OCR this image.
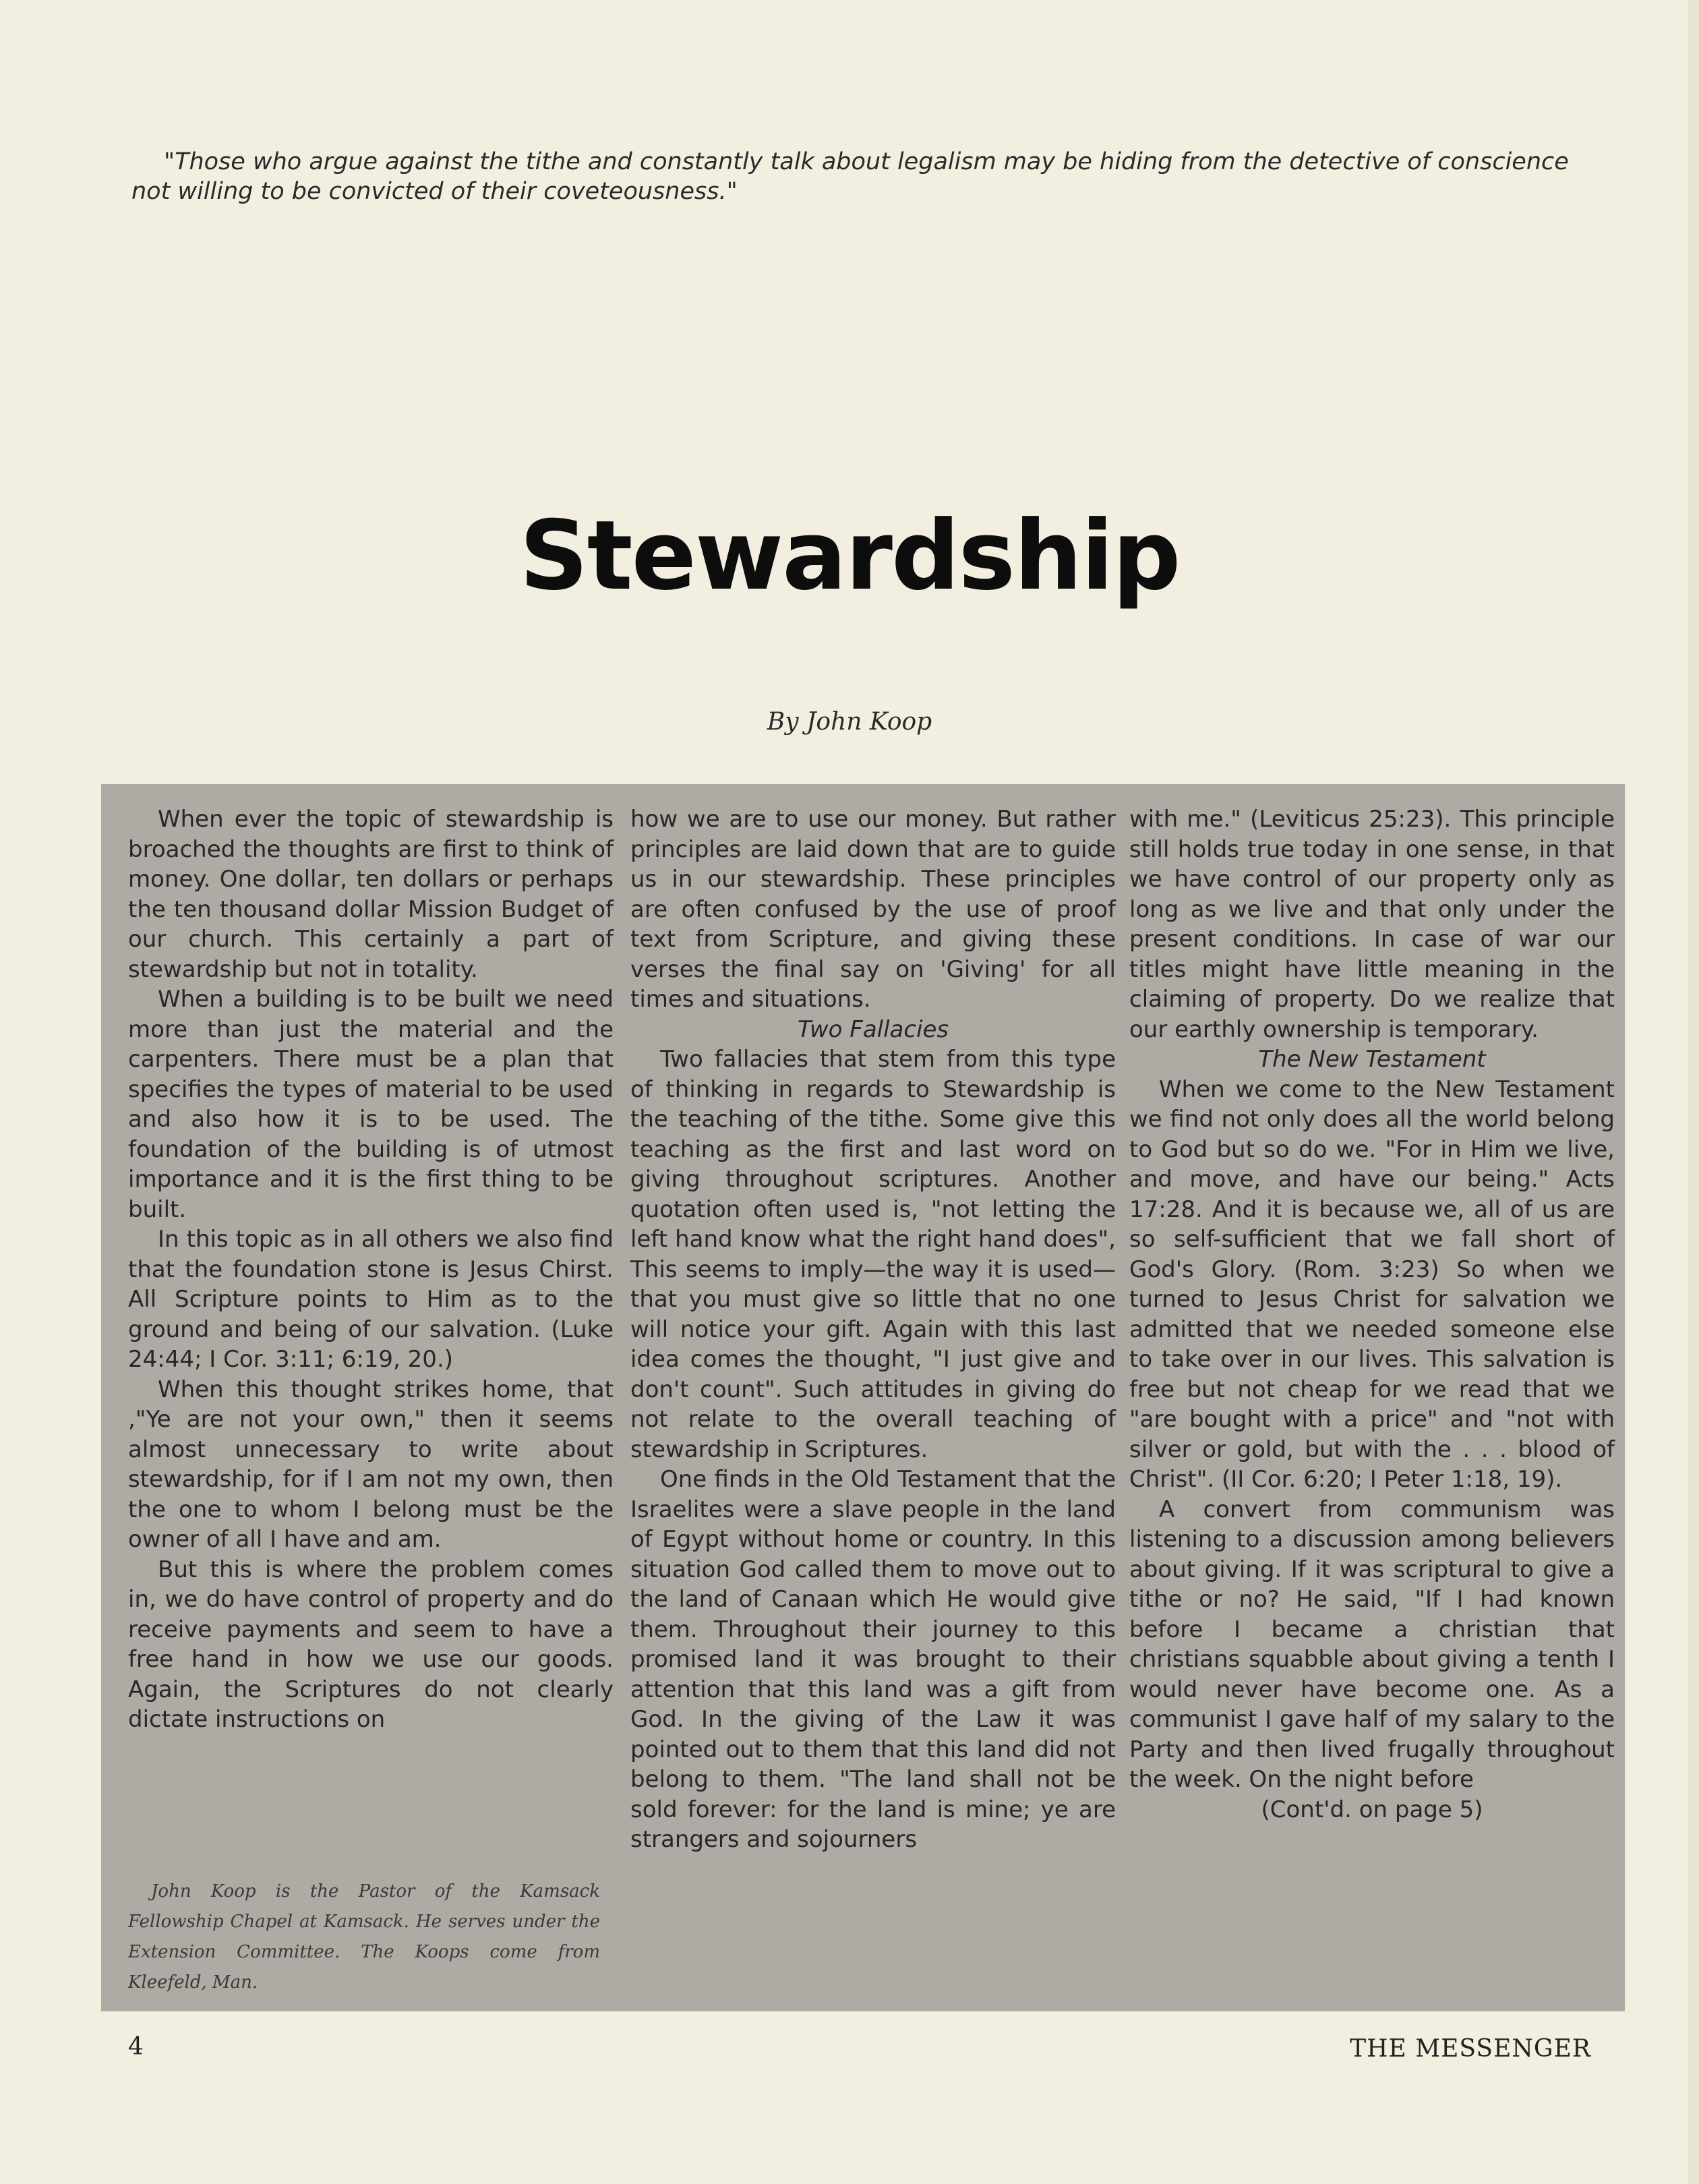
"Those who argue against the tithe and constantly talk about legalism may be hiding from the detective of conscience not willing to be convicted of their coveteousness."
Stewardship
By John Koop

When ever the topic of stewardship is broached the thoughts are first to think of money. One dollar, ten dollars or perhaps the ten thousand dollar Mission Budget of our church. This certainly a part of stewardship but not in totality.

When a building is to be built we need more than just the material and the carpenters. There must be a plan that specifies the types of material to be used and also how it is to be used. The foundation of the building is of utmost importance and it is the first thing to be built.

In this topic as in all others we also find that the foundation stone is Jesus Chirst. All Scripture points to Him as to the ground and being of our salvation. (Luke 24:44; I Cor. 3:11; 6:19, 20.)

When this thought strikes home, that ,"Ye are not your own," then it seems almost unnecessary to write about stewardship, for if I am not my own, then the one to whom I belong must be the owner of all I have and am.

But this is where the problem comes in, we do have control of property and do receive payments and seem to have a free hand in how we use our goods. Again, the Scriptures do not clearly dictate instructions on

John Koop is the Pastor of the Kamsack Fellowship Chapel at Kamsack. He serves under the Extension Committee. The Koops come from Kleefeld, Man.

how we are to use our money. But rather principles are laid down that are to guide us in our stewardship. These principles are often confused by the use of proof text from Scripture, and giving these verses the final say on 'Giving' for all times and situations.

Two Fallacies

Two fallacies that stem from this type of thinking in regards to Stewardship is the teaching of the tithe. Some give this teaching as the first and last word on giving throughout scriptures. Another quotation often used is, "not letting the left hand know what the right hand does", This seems to imply—the way it is used—that you must give so little that no one will notice your gift. Again with this last idea comes the thought, "I just give and don't count". Such attitudes in giving do not relate to the overall teaching of stewardship in Scriptures.

One finds in the Old Testament that the Israelites were a slave people in the land of Egypt without home or country. In this situation God called them to move out to the land of Canaan which He would give them. Throughout their journey to this promised land it was brought to their attention that this land was a gift from God. In the giving of the Law it was pointed out to them that this land did not belong to them. "The land shall not be sold forever: for the land is mine; ye are strangers and sojourners

with me." (Leviticus 25:23). This principle still holds true today in one sense, in that we have control of our property only as long as we live and that only under the present conditions. In case of war our titles might have little meaning in the claiming of property. Do we realize that our earthly ownership is temporary.

The New Testament

When we come to the New Testament we find not only does all the world belong to God but so do we. "For in Him we live, and move, and have our being." Acts 17:28. And it is because we, all of us are so self-sufficient that we fall short of God's Glory. (Rom. 3:23) So when we turned to Jesus Christ for salvation we admitted that we needed someone else to take over in our lives. This salvation is free but not cheap for we read that we "are bought with a price" and "not with silver or gold, but with the . . . blood of Christ". (II Cor. 6:20; I Peter 1:18, 19).

A convert from communism was listening to a discussion among believers about giving. If it was scriptural to give a tithe or no? He said, "If I had known before I became a christian that christians squabble about giving a tenth I would never have become one. As a communist I gave half of my salary to the Party and then lived frugally throughout the week. On the night before

(Cont'd. on page 5)

4	THE MESSENGER
